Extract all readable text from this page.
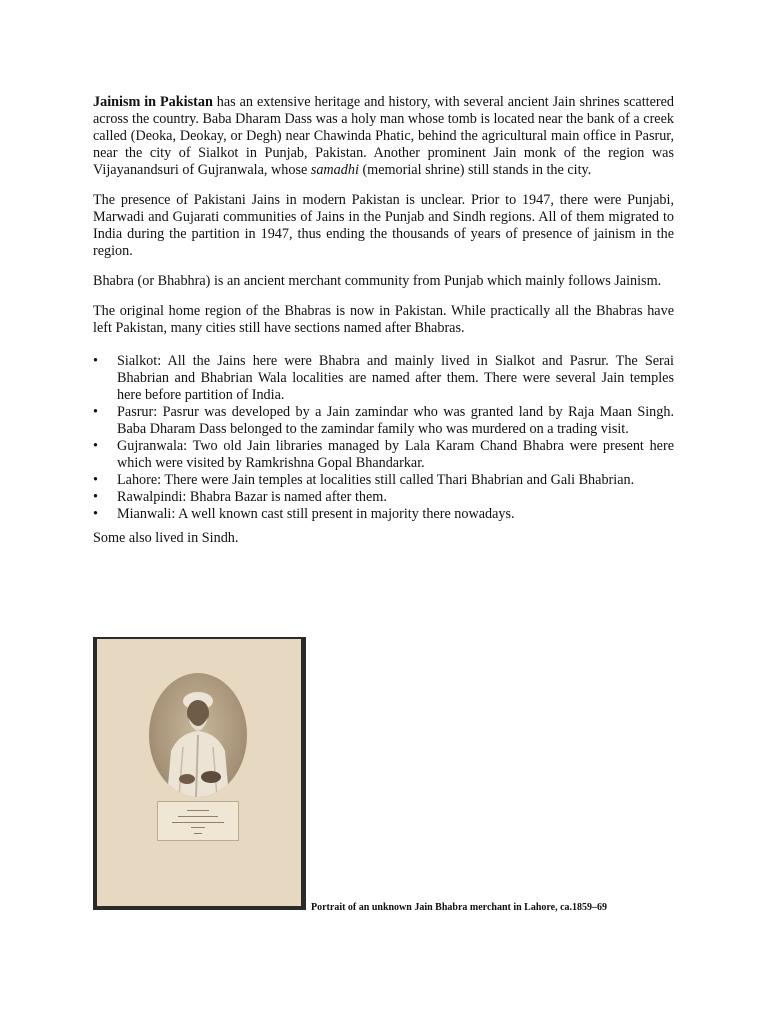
Jainism in Pakistan has an extensive heritage and history, with several ancient Jain shrines scattered across the country. Baba Dharam Dass was a holy man whose tomb is located near the bank of a creek called (Deoka, Deokay, or Degh) near Chawinda Phatic, behind the agricultural main office in Pasrur, near the city of Sialkot in Punjab, Pakistan. Another prominent Jain monk of the region was Vijayanandsuri of Gujranwala, whose samadhi (memorial shrine) still stands in the city.

The presence of Pakistani Jains in modern Pakistan is unclear. Prior to 1947, there were Punjabi, Marwadi and Gujarati communities of Jains in the Punjab and Sindh regions. All of them migrated to India during the partition in 1947, thus ending the thousands of years of presence of jainism in the region.

Bhabra (or Bhabhra) is an ancient merchant community from Punjab which mainly follows Jainism.

The original home region of the Bhabras is now in Pakistan. While practically all the Bhabras have left Pakistan, many cities still have sections named after Bhabras.

•	Sialkot: All the Jains here were Bhabra and mainly lived in Sialkot and Pasrur. The Serai Bhabrian and Bhabrian Wala localities are named after them. There were several Jain temples here before partition of India.
•	Pasrur: Pasrur was developed by a Jain zamindar who was granted land by Raja Maan Singh. Baba Dharam Dass belonged to the zamindar family who was murdered on a trading visit.
•	Gujranwala: Two old Jain libraries managed by Lala Karam Chand Bhabra were present here which were visited by Ramkrishna Gopal Bhandarkar.
•	Lahore: There were Jain temples at localities still called Thari Bhabrian and Gali Bhabrian.
•	Rawalpindi: Bhabra Bazar is named after them.
•	Mianwali: A well known cast still present in majority there nowadays.

Some also lived in Sindh.

Portrait of an unknown Jain Bhabra merchant in Lahore, ca.1859–69
